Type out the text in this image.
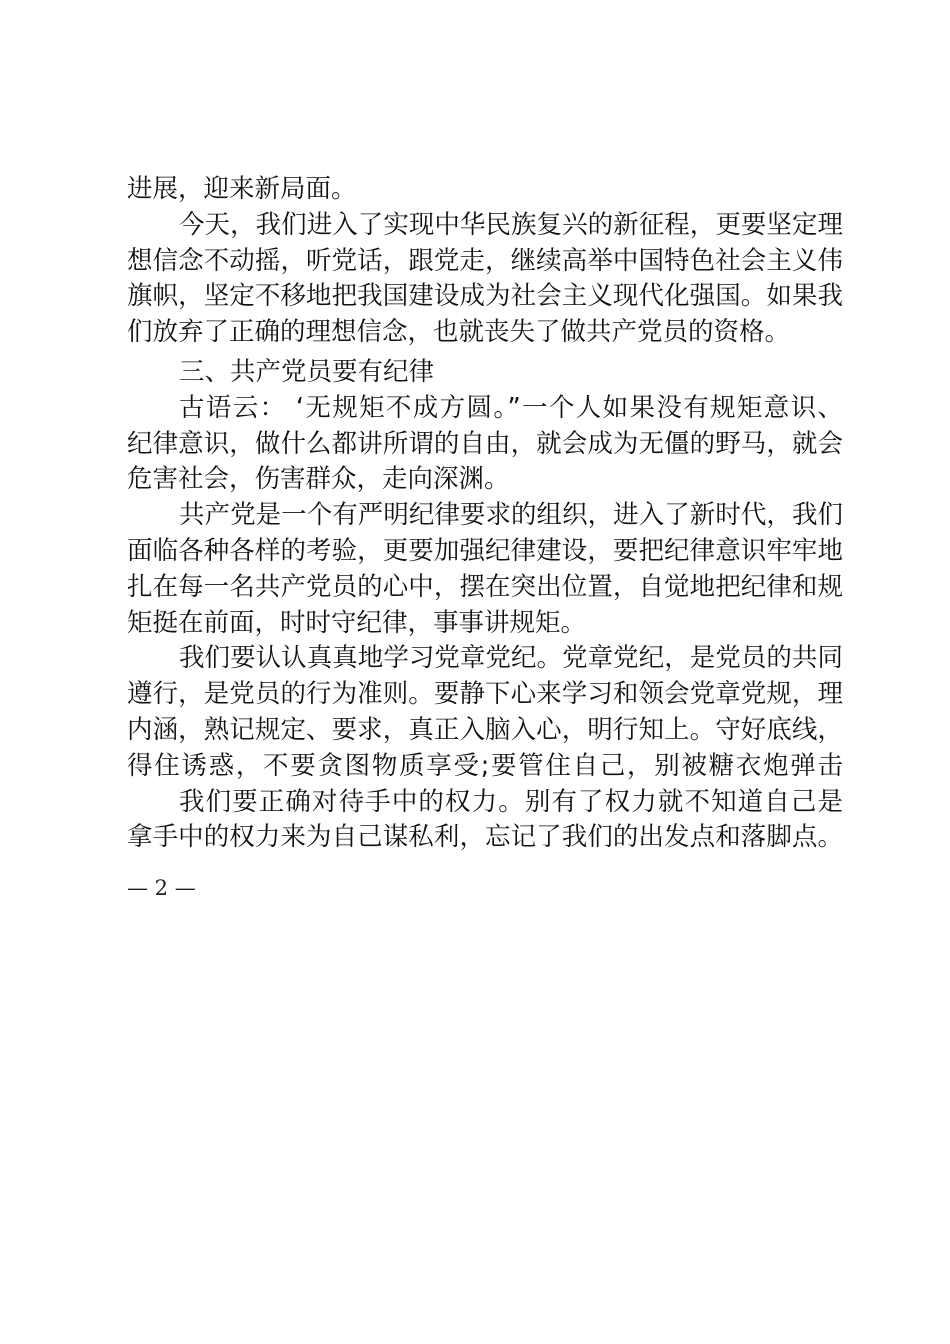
进展，迎来新局面。
今天，我们进入了实现中华民族复兴的新征程，更要坚定理
想信念不动摇，听党话，跟党走，继续高举中国特色社会主义伟
旗帜，坚定不移地把我国建设成为社会主义现代化强国。如果我
们放弃了正确的理想信念，也就丧失了做共产党员的资格。
三、共产党员要有纪律
古语云： ‘无规矩不成方圆。”一个人如果没有规矩意识、
纪律意识，做什么都讲所谓的自由，就会成为无僵的野马，就会
危害社会，伤害群众，走向深渊。
共产党是一个有严明纪律要求的组织，进入了新时代，我们
面临各种各样的考验，更要加强纪律建设，要把纪律意识牢牢地
扎在每一名共产党员的心中，摆在突出位置，自觉地把纪律和规
矩挺在前面，时时守纪律，事事讲规矩。
我们要认认真真地学习党章党纪。党章党纪，是党员的共同
遵行，是党员的行为准则。要静下心来学习和领会党章党规，理
内涵，熟记规定、要求，真正入脑入心，明行知上。守好底线，
得住诱惑，不要贪图物质享受;要管住自己，别被糖衣炮弹击
我们要正确对待手中的权力。别有了权力就不知道自己是
拿手中的权力来为自己谋私利，忘记了我们的出发点和落脚点。
— 2 —
